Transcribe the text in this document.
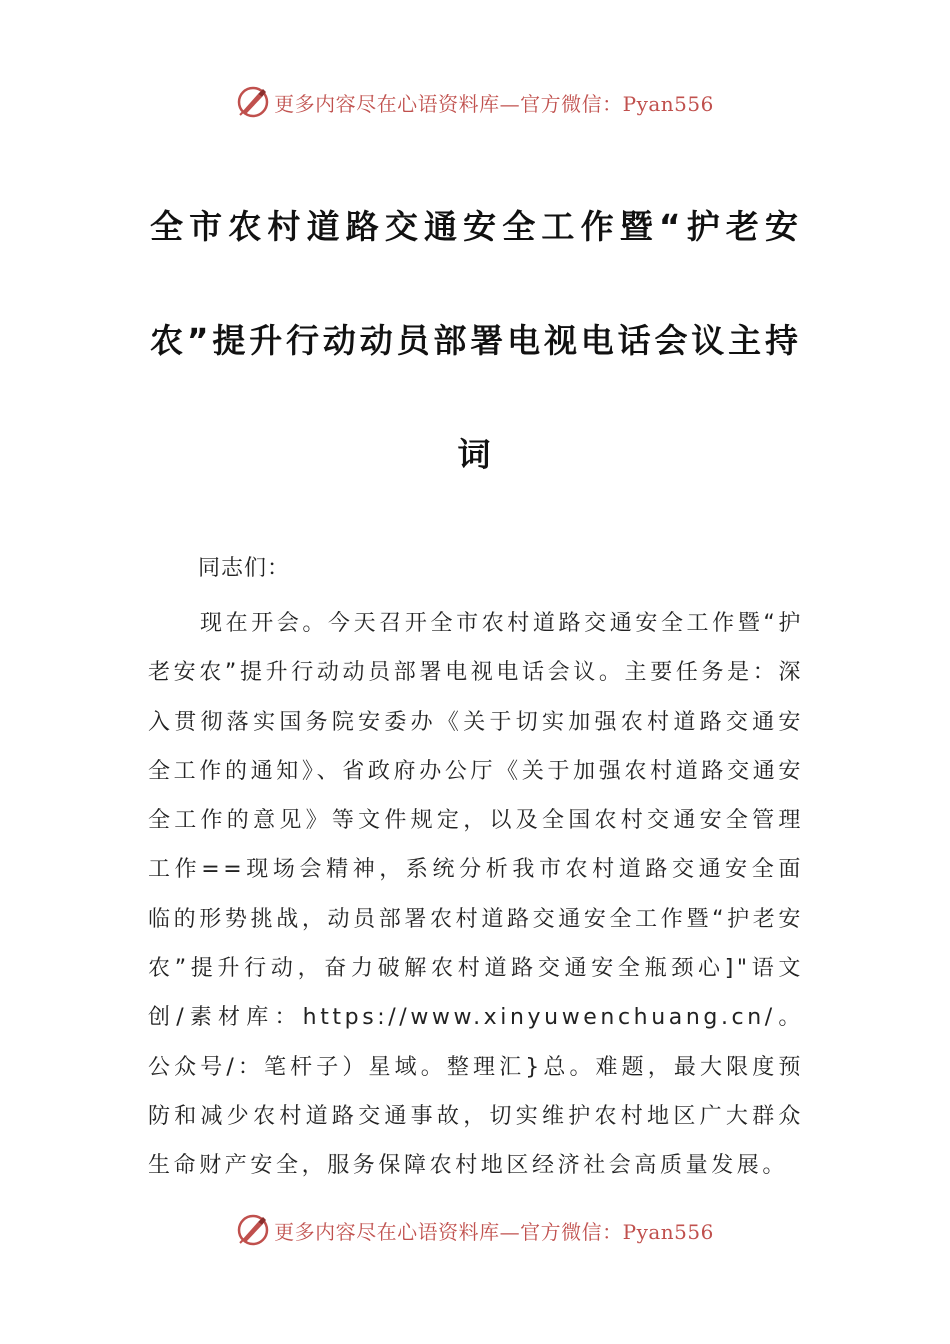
更多内容尽在心语资料库—官方微信：Pyan556
全市农村道路交通安全工作暨“护老安农”提升行动动员部署电视电话会议主持词

同志们：

现在开会。今天召开全市农村道路交通安全工作暨“护老安农”提升行动动员部署电视电话会议。主要任务是：深入贯彻落实国务院安委办《关于切实加强农村道路交通安全工作的通知》、省政府办公厅《关于加强农村道路交通安全工作的意见》等文件规定，以及全国农村交通安全管理工作==现场会精神，系统分析我市农村道路交通安全面临的形势挑战，动员部署农村道路交通安全工作暨“护老安农”提升行动，奋力破解农村道路交通安全瓶颈心]"语文创/素材库：https://www.xinyuwenchuang.cn/。公众号/：笔杆子）星域。整理汇}总。难题，最大限度预防和减少农村道路交通事故，切实维护农村地区广大群众生命财产安全，服务保障农村地区经济社会高质量发展。

更多内容尽在心语资料库—官方微信：Pyan556
